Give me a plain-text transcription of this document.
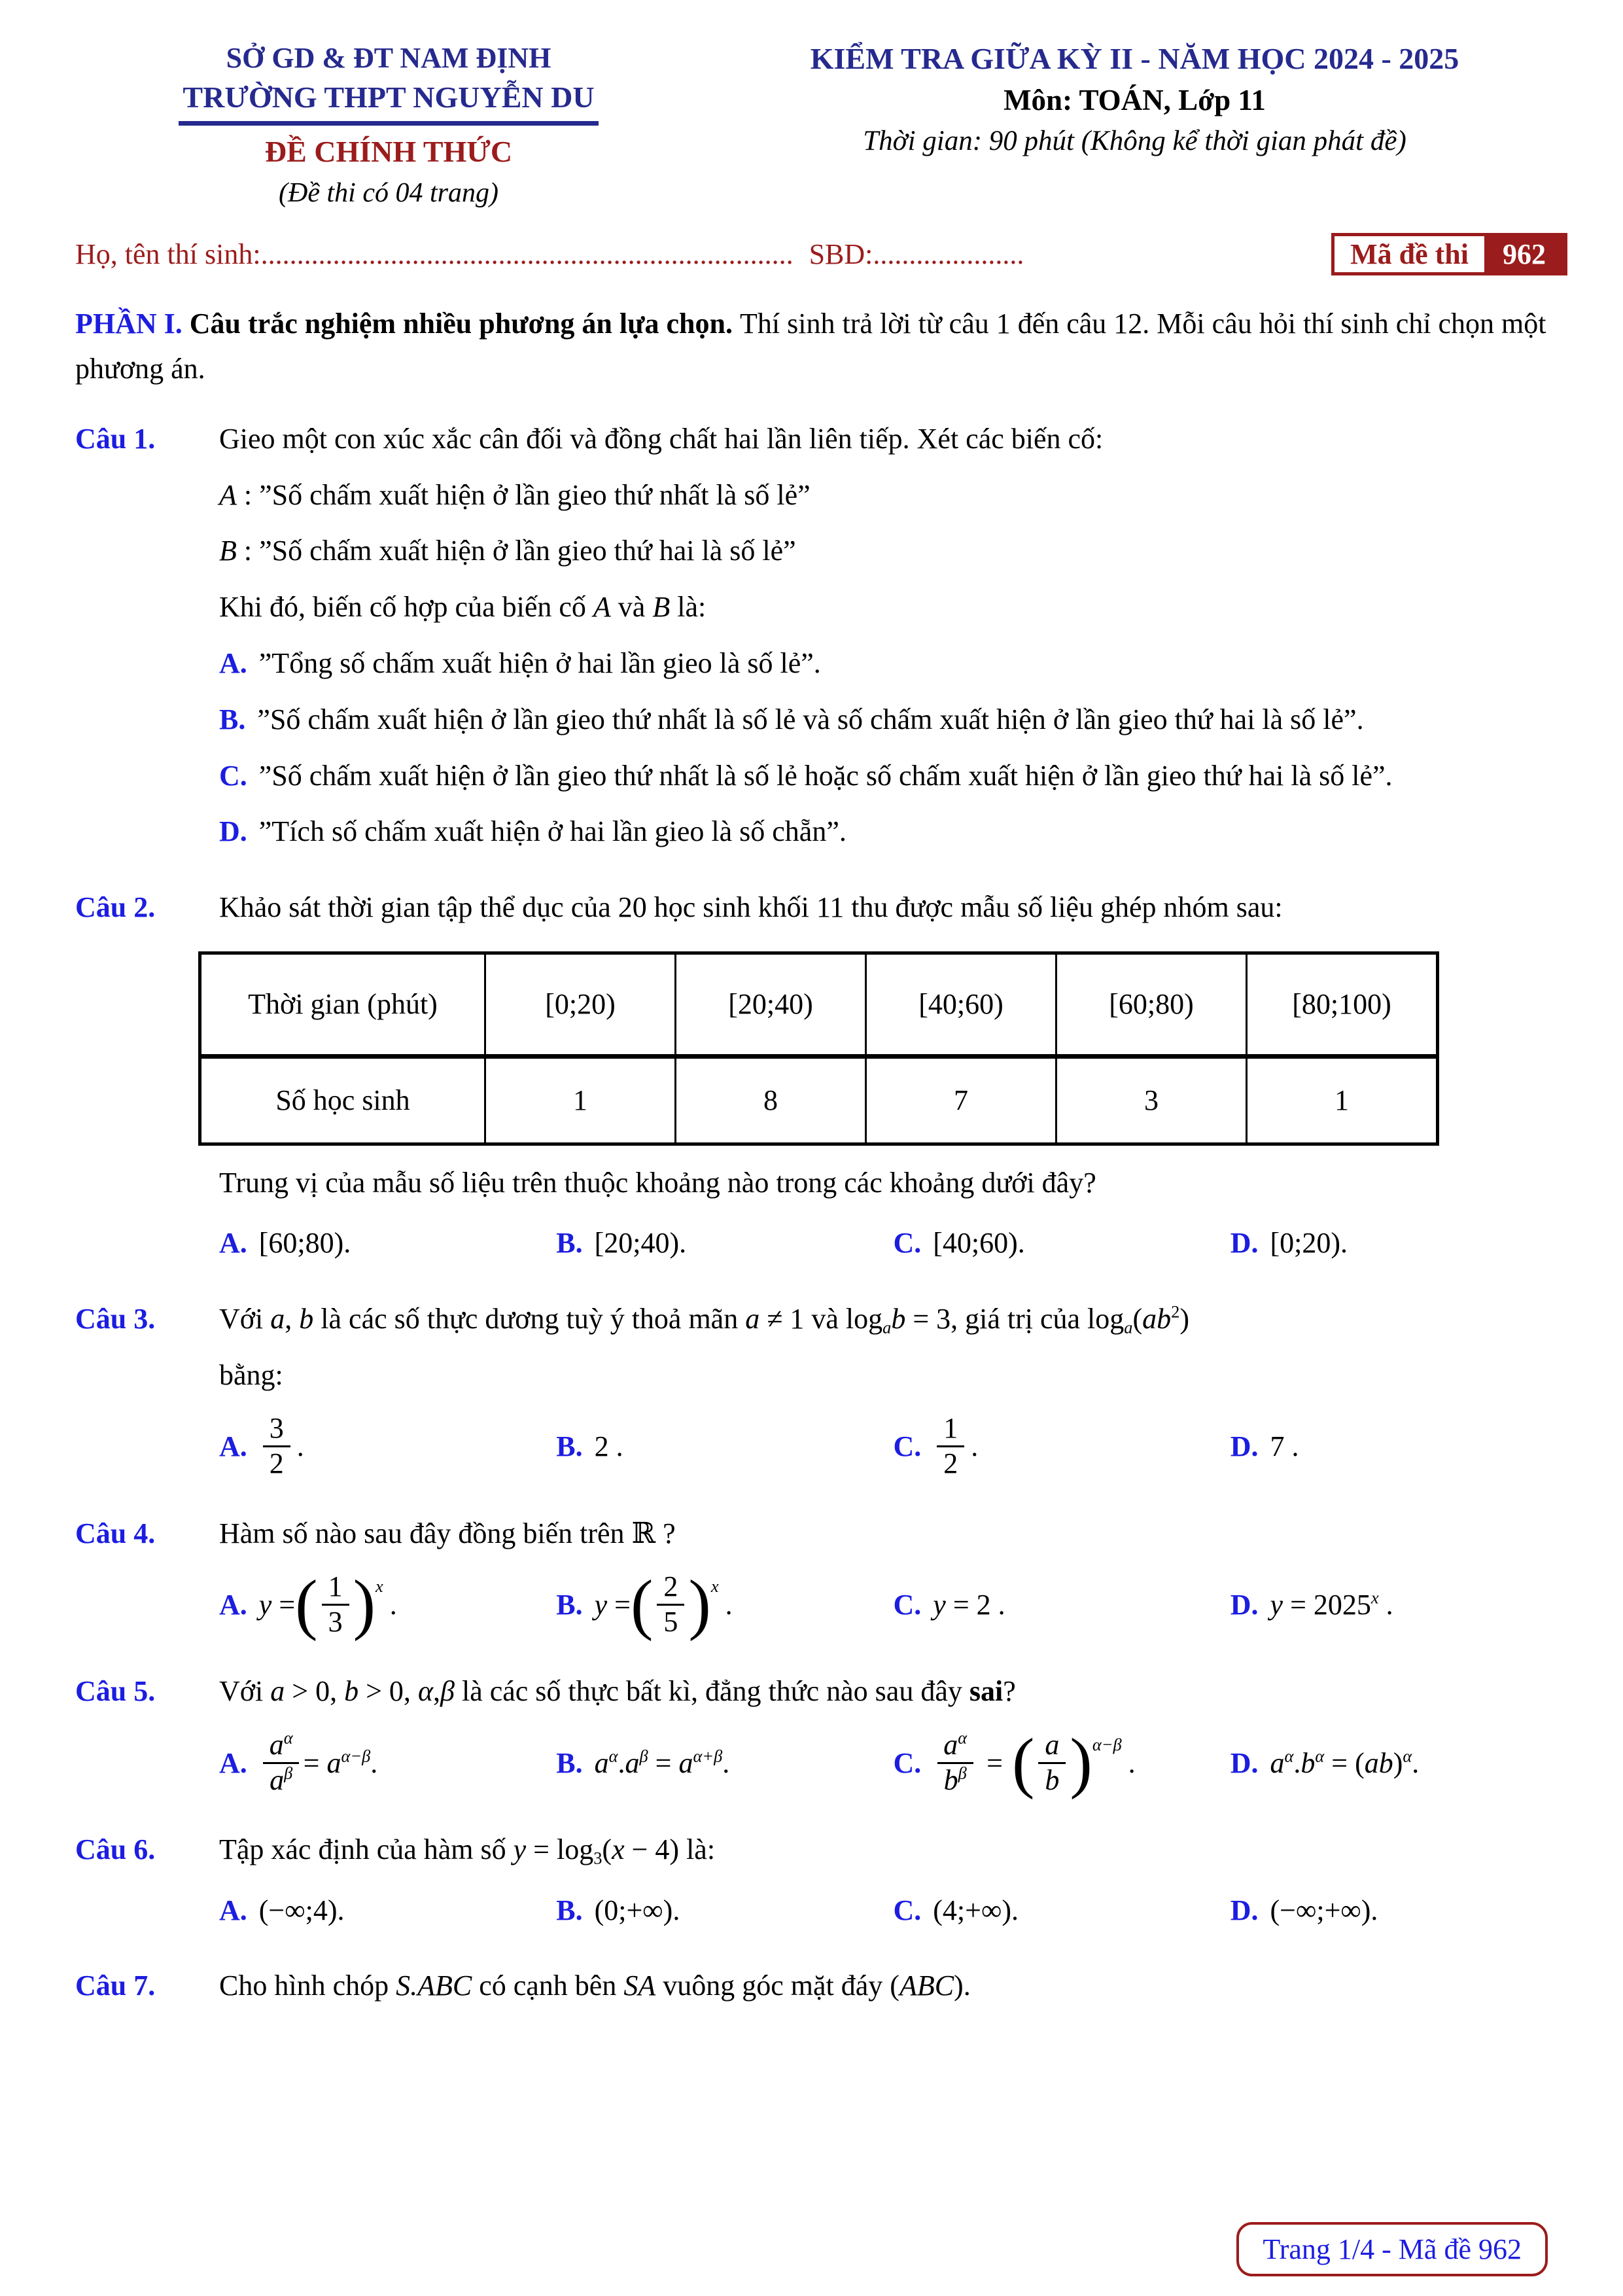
SỞ GD & ĐT NAM ĐỊNH
TRƯỜNG THPT NGUYỄN DU
ĐỀ CHÍNH THỨC
(Đề thi có 04 trang)
KIỂM TRA GIỮA KỲ II - NĂM HỌC 2024 - 2025
Môn: TOÁN, Lớp 11
Thời gian: 90 phút (Không kể thời gian phát đề)
Họ, tên thí sinh: .......................................................................... SBD: .....................	Mã đề thi	962

PHẦN I. Câu trắc nghiệm nhiều phương án lựa chọn. Thí sinh trả lời từ câu 1 đến câu 12. Mỗi câu hỏi thí sinh chỉ chọn một phương án.

Câu 1.	Gieo một con xúc xắc cân đối và đồng chất hai lần liên tiếp. Xét các biến cố:

A : ”Số chấm xuất hiện ở lần gieo thứ nhất là số lẻ”

B : ”Số chấm xuất hiện ở lần gieo thứ hai là số lẻ”

Khi đó, biến cố hợp của biến cố A và B là:

A. ”Tổng số chấm xuất hiện ở hai lần gieo là số lẻ”.

B. ”Số chấm xuất hiện ở lần gieo thứ nhất là số lẻ và số chấm xuất hiện ở lần gieo thứ hai là số lẻ”.

C. ”Số chấm xuất hiện ở lần gieo thứ nhất là số lẻ hoặc số chấm xuất hiện ở lần gieo thứ hai là số lẻ”.

D. ”Tích số chấm xuất hiện ở hai lần gieo là số chẵn”.

Câu 2.	Khảo sát thời gian tập thể dục của 20 học sinh khối 11 thu được mẫu số liệu ghép nhóm sau:

Thời gian (phút)	[0;20)	[20;40)	[40;60)	[60;80)	[80;100)
Số học sinh	1	8	7	3	1

Trung vị của mẫu số liệu trên thuộc khoảng nào trong các khoảng dưới đây?

A. [60;80).	B. [20;40).	C. [40;60).	D. [0;20).
Câu 3.	Với a, b là các số thực dương tuỳ ý thoả mãn a ≠ 1 và logab = 3, giá trị của $\log a(ab^2)$

bằng:

A. $\frac{3}{2}$ .	B. 2 .	C. $\frac{1}{2}$ .	D. 7 .
Câu 4.	Hàm số nào sau đây đồng biến trên ℝ ?

A. y = ( $\frac{1}{3}$ ) x
.	B. y = ( $\frac{2}{5}$ ) x
.	C. y = 2 .	D. $y = 2025^x$ .
Câu 5.	Với a > 0, b > 0, α,β là các số thực bất kì, đẳng thức nào sau đây sai?

A. $\frac{a^\alpha}{a^\beta} = a^{\alpha-\beta}$.	B. $a^\alpha.a^\beta = a^{\alpha+\beta}$.	C. $\frac{a^\alpha}{b^\beta}$ = ( $\frac{a}{b}$ ) α−β
.	D. $a^\alpha.b^\alpha = (ab)^\alpha$.
Câu 6.	Tập xác định của hàm số y = log3(x − 4) là:

A. (−∞;4).	B. (0;+∞).	C. (4;+∞).	D. (−∞;+∞).
Câu 7.	Cho hình chóp S.ABC có cạnh bên SA vuông góc mặt đáy (ABC).

Trang 1/4 - Mã đề 962
